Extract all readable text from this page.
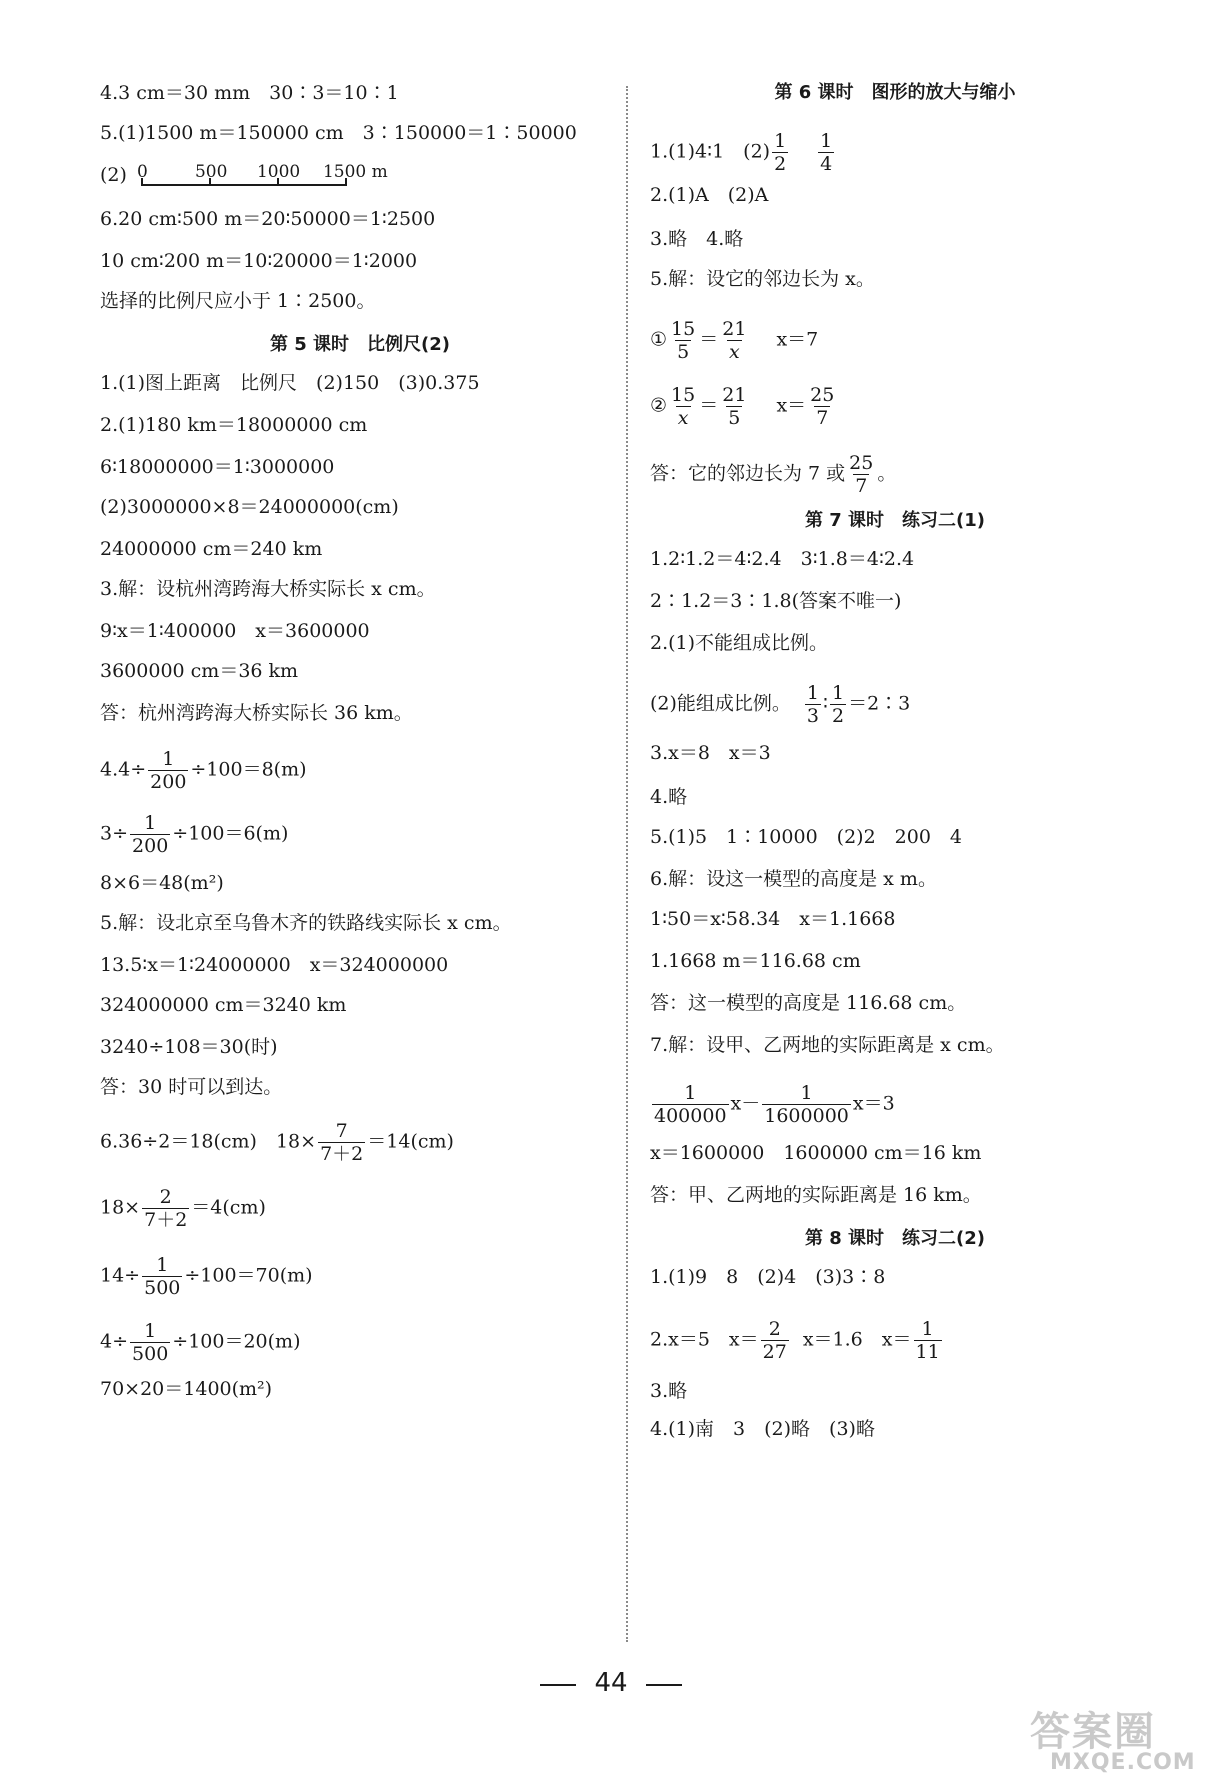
4.3 cm＝30 mm　30∶3＝10∶1
5.(1)1500 m＝150000 cm　3∶150000＝1∶50000
(2) 0	500 1000 1500 m
6.20 cm∶500 m＝20∶50000＝1∶2500
10 cm∶200 m＝10∶20000＝1∶2000
选择的比例尺应小于 1∶2500。
第 5 课时　比例尺(2)
1.(1)图上距离　比例尺　(2)150　(3)0.375
2.(1)180 km＝18000000 cm
6∶18000000＝1∶3000000
(2)3000000×8＝24000000(cm)
24000000 cm＝240 km
3.解：设杭州湾跨海大桥实际长 x cm。
9∶x＝1∶400000　x＝3600000
3600000 cm＝36 km
答：杭州湾跨海大桥实际长 36 km。
$4.4\div \frac{1}{200} \div 100=8(m)$
$3\div \frac{1}{200} \div 100=6(m)$
8×6＝48(m²)
5.解：设北京至乌鲁木齐的铁路线实际长 x cm。
13.5∶x＝1∶24000000　x＝324000000
324000000 cm＝3240 km
3240÷108＝30(时)
答：30 时可以到达。
6.36÷2＝18(cm)　$18\times \frac{7}{7+2} =14(cm)$
$18\times \frac{2}{7+2} =4(cm)$
$14\div \frac{1}{500} \div 100=70(m)$
$4\div \frac{1}{500} \div 100=20(m)$
70×20＝1400(m²)
第 6 课时　图形的放大与缩小
1.(1)4∶1　$(2) \frac{1}{2} \frac{1}{4}$
2.(1)A　(2)A
3.略　4.略
5.解：设它的邻边长为 x。
① $\frac{15}{5} = \frac{21}{x} x=7$
② $\frac{15}{x} = \frac{21}{5} x= \frac{25}{7}$
答：它的邻边长为 7 或 $\frac{25}{7}$ 。
第 7 课时　练习二(1)
1.2∶1.2＝4∶2.4　3∶1.8＝4∶2.4
2∶1.2＝3∶1.8(答案不唯一)
2.(1)不能组成比例。
(2)能组成比例。 $\frac{1}{3}$ ∶ $\frac{1}{2}$ ＝2∶3
3.x＝8　x＝3
4.略
5.(1)5　1∶10000　(2)2　200　4
6.解：设这一模型的高度是 x m。
1∶50＝x∶58.34　x＝1.1668
1.1668 m＝116.68 cm
答：这一模型的高度是 116.68 cm。
7.解：设甲、乙两地的实际距离是 x cm。
$\frac{1}{400000} x- \frac{1}{1600000} x=3$
x＝1600000　1600000 cm＝16 km
答：甲、乙两地的实际距离是 16 km。
第 8 课时　练习二(2)
1.(1)9　8　(2)4　(3)3∶8
2.x＝5　$x= \frac{2}{27} x=1.6$　$x= \frac{1}{11}$
3.略
4.(1)南　3　(2)略　(3)略
44
答案圈
MXQE.COM
